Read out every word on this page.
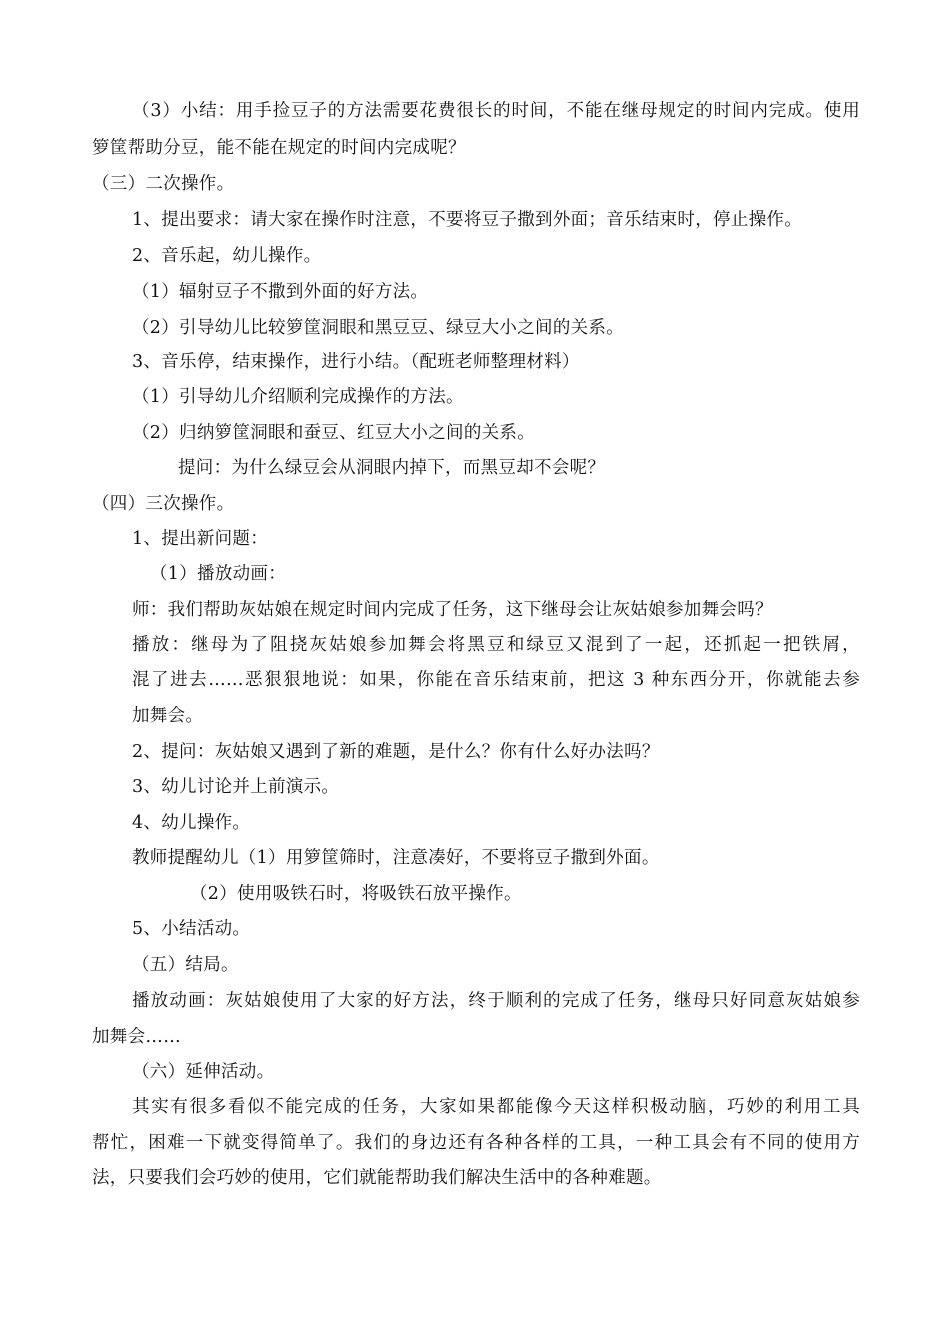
（3）小结：用手捡豆子的方法需要花费很长的时间，不能在继母规定的时间内完成。使用
箩筐帮助分豆，能不能在规定的时间内完成呢？
（三）二次操作。
1、提出要求：请大家在操作时注意，不要将豆子撒到外面；音乐结束时，停止操作。
2、音乐起，幼儿操作。
（1）辐射豆子不撒到外面的好方法。
（2）引导幼儿比较箩筐洞眼和黑豆豆、绿豆大小之间的关系。
3、音乐停，结束操作，进行小结。（配班老师整理材料）
（1）引导幼儿介绍顺利完成操作的方法。
（2）归纳箩筐洞眼和蚕豆、红豆大小之间的关系。
提问：为什么绿豆会从洞眼内掉下，而黑豆却不会呢？
（四）三次操作。
1、提出新问题：
（1）播放动画：
师：我们帮助灰姑娘在规定时间内完成了任务，这下继母会让灰姑娘参加舞会吗？
播放：继母为了阻挠灰姑娘参加舞会将黑豆和绿豆又混到了一起，还抓起一把铁屑，
混了进去……恶狠狠地说：如果，你能在音乐结束前，把这 3 种东西分开，你就能去参
加舞会。
2、提问：灰姑娘又遇到了新的难题，是什么？你有什么好办法吗？
3、幼儿讨论并上前演示。
4、幼儿操作。
教师提醒幼儿（1）用箩筐筛时，注意凑好，不要将豆子撒到外面。
（2）使用吸铁石时，将吸铁石放平操作。
5、小结活动。
（五）结局。
播放动画：灰姑娘使用了大家的好方法，终于顺利的完成了任务，继母只好同意灰姑娘参
加舞会……
（六）延伸活动。
其实有很多看似不能完成的任务，大家如果都能像今天这样积极动脑，巧妙的利用工具
帮忙，困难一下就变得简单了。我们的身边还有各种各样的工具，一种工具会有不同的使用方
法，只要我们会巧妙的使用，它们就能帮助我们解决生活中的各种难题。
